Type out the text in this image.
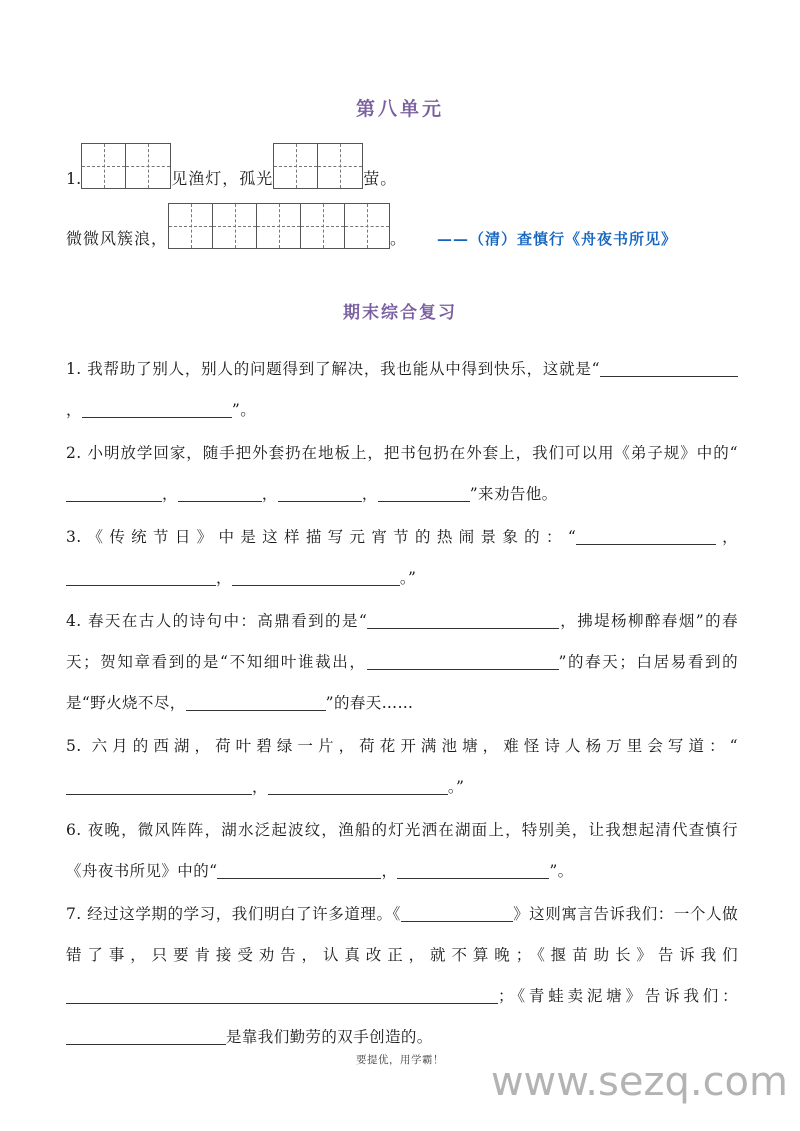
第八单元
1.	见渔灯，孤光	萤。
微微风簇浪，	。 ——（清）查慎行《舟夜书所见》
期末综合复习

1. 我帮助了别人，别人的问题得到了解决，我也能从中得到快乐，这就是“，	”。

2. 小明放学回家，随手把外套扔在地板上，把书包扔在外套上，我们可以用《弟子规》中的“，	，	，	”来劝告他。

3.《传统节日》中是这样描写元宵节的热闹景象的：“	，，	。”

4. 春天在古人的诗句中：高鼎看到的是“	，拂堤杨柳醉春烟”的春天；贺知章看到的是“不知细叶谁裁出，	”的春天；白居易看到的是“野火烧不尽，	”的春天……

5. 六月的西湖，荷叶碧绿一片，荷花开满池塘，难怪诗人杨万里会写道：“，	。”

6. 夜晚，微风阵阵，湖水泛起波纹，渔船的灯光洒在湖面上，特别美，让我想起清代查慎行《舟夜书所见》中的“	，	”。

7. 经过这学期的学习，我们明白了许多道理。《	》这则寓言告诉我们：一个人做错了事，只要肯接受劝告，认真改正，就不算晚；《揠苗助长》告诉我们；《青蛙卖泥塘》告诉我们：是靠我们勤劳的双手创造的。

要提优，用学霸！	www.sezq.com
